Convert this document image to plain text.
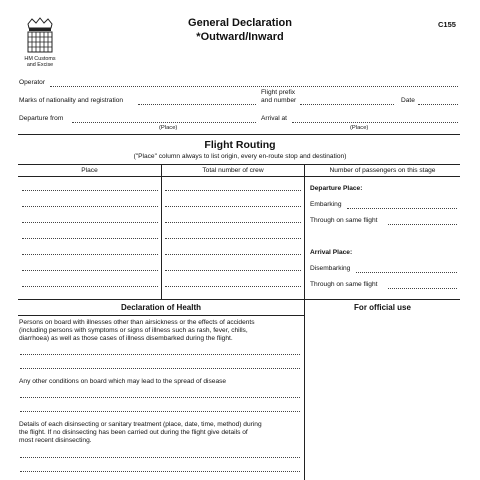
HM Customs
and Excise
General Declaration
*Outward/Inward
C155
Operator
Flight prefix
Marks of nationality and registration	and number	Date
Departure from	Arrival at
(Place)	(Place)
Flight Routing
("Place" column always to list origin, every en-route stop and destination)
Place	Total number of crew	Number of passengers on this stage
Departure Place:
Embarking
Through on same flight
Arrival Place:
Disembarking
Through on same flight
Declaration of Health	For official use
Persons on board with illnesses other than airsickness or the effects of accidents
(including persons with symptoms or signs of illness such as rash, fever, chills,
diarrhoea) as well as those cases of illness disembarked during the flight.
Any other conditions on board which may lead to the spread of disease
Details of each disinsecting or sanitary treatment (place, date, time, method) during
the flight. If no disinsecting has been carried out during the flight give details of
most recent disinsecting.
